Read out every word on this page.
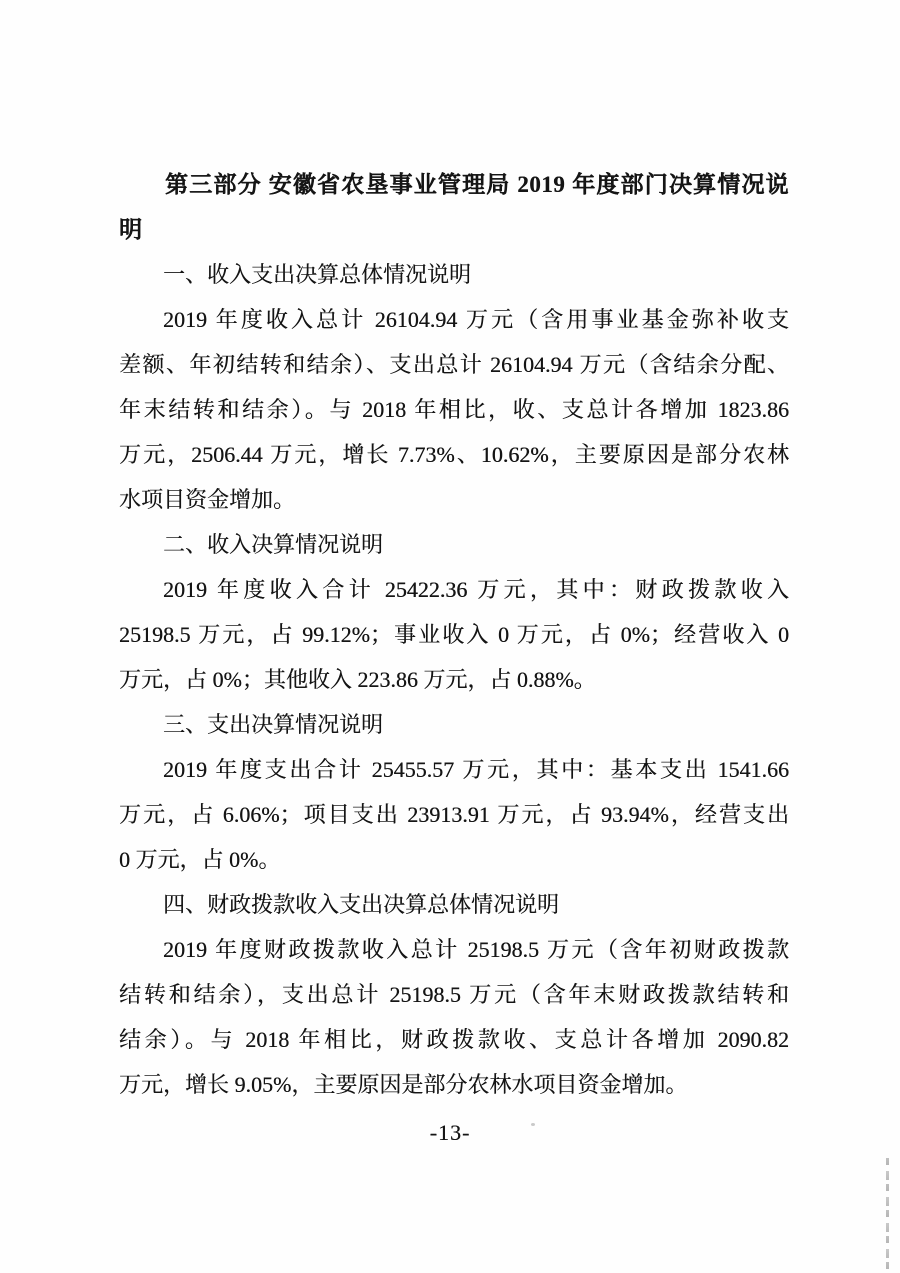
第三部分 安徽省农垦事业管理局 2019 年度部门决算情况说
明
一、收入支出决算总体情况说明
2019 年度收入总计 26104.94 万元（含用事业基金弥补收支
差额、年初结转和结余）、支出总计 26104.94 万元（含结余分配、
年末结转和结余）。与 2018 年相比，收、支总计各增加 1823.86
万元，2506.44 万元，增长 7.73%、10.62%，主要原因是部分农林
水项目资金增加。
二、收入决算情况说明
2019 年度收入合计 25422.36 万元，其中：财政拨款收入
25198.5 万元，占 99.12%；事业收入 0 万元，占 0%；经营收入 0
万元，占 0%；其他收入 223.86 万元，占 0.88%。
三、支出决算情况说明
2019 年度支出合计 25455.57 万元，其中：基本支出 1541.66
万元，占 6.06%；项目支出 23913.91 万元，占 93.94%，经营支出
0 万元，占 0%。
四、财政拨款收入支出决算总体情况说明
2019 年度财政拨款收入总计 25198.5 万元（含年初财政拨款
结转和结余），支出总计 25198.5 万元（含年末财政拨款结转和
结余）。与 2018 年相比，财政拨款收、支总计各增加 2090.82
万元，增长 9.05%，主要原因是部分农林水项目资金增加。
-13-
